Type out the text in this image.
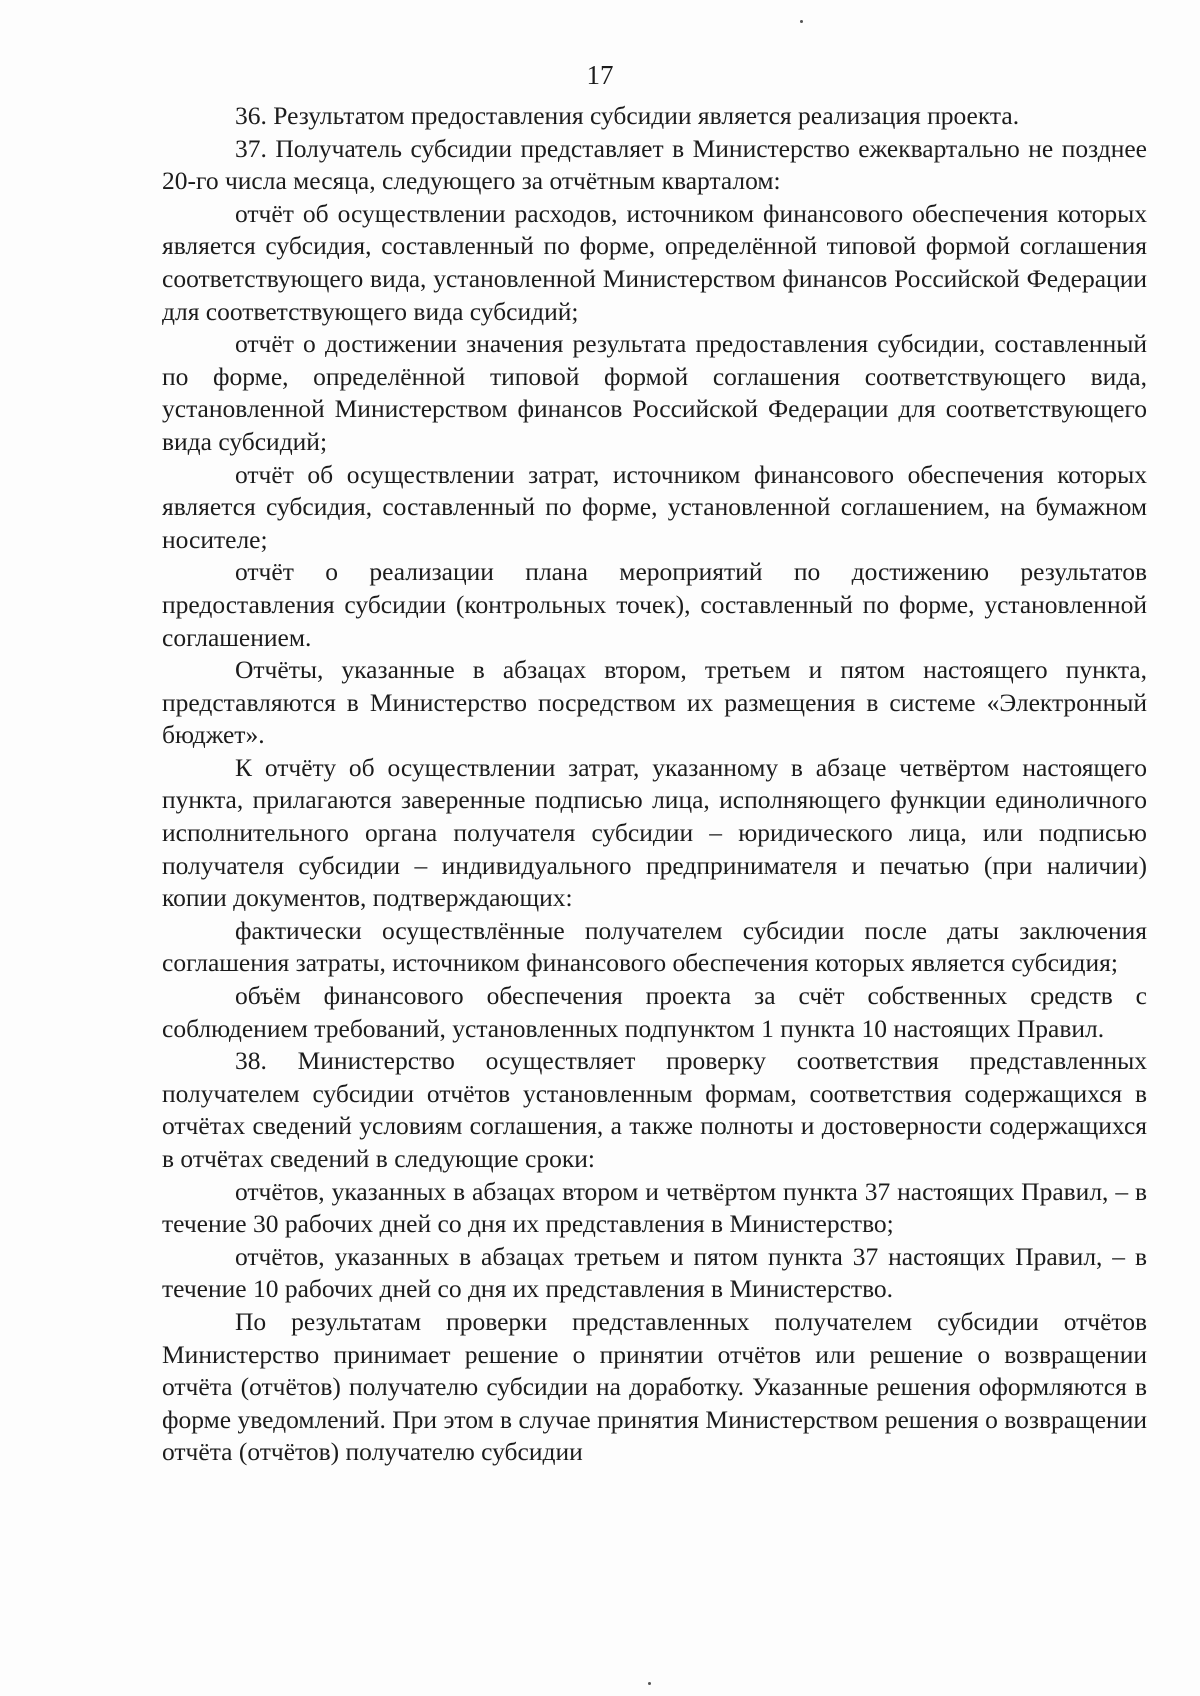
17

36. Результатом предоставления субсидии является реализация проекта.

37. Получатель субсидии представляет в Министерство ежеквартально не позднее 20-го числа месяца, следующего за отчётным кварталом:

отчёт об осуществлении расходов, источником финансового обеспечения которых является субсидия, составленный по форме, определённой типовой формой соглашения соответствующего вида, установленной Министерством финансов Российской Федерации для соответствующего вида субсидий;

отчёт о достижении значения результата предоставления субсидии, составленный по форме, определённой типовой формой соглашения соответствующего вида, установленной Министерством финансов Российской Федерации для соответствующего вида субсидий;

отчёт об осуществлении затрат, источником финансового обеспечения которых является субсидия, составленный по форме, установленной соглашением, на бумажном носителе;

отчёт о реализации плана мероприятий по достижению результатов предоставления субсидии (контрольных точек), составленный по форме, установленной соглашением.

Отчёты, указанные в абзацах втором, третьем и пятом настоящего пункта, представляются в Министерство посредством их размещения в системе «Электронный бюджет».

К отчёту об осуществлении затрат, указанному в абзаце четвёртом настоящего пункта, прилагаются заверенные подписью лица, исполняющего функции единоличного исполнительного органа получателя субсидии – юридического лица, или подписью получателя субсидии – индивидуального предпринимателя и печатью (при наличии) копии документов, подтверждающих:

фактически осуществлённые получателем субсидии после даты заключения соглашения затраты, источником финансового обеспечения которых является субсидия;

объём финансового обеспечения проекта за счёт собственных средств с соблюдением требований, установленных подпунктом 1 пункта 10 настоящих Правил.

38. Министерство осуществляет проверку соответствия представленных получателем субсидии отчётов установленным формам, соответствия содержащихся в отчётах сведений условиям соглашения, а также полноты и достоверности содержащихся в отчётах сведений в следующие сроки:

отчётов, указанных в абзацах втором и четвёртом пункта 37 настоящих Правил, – в течение 30 рабочих дней со дня их представления в Министерство;

отчётов, указанных в абзацах третьем и пятом пункта 37 настоящих Правил, – в течение 10 рабочих дней со дня их представления в Министерство.

По результатам проверки представленных получателем субсидии отчётов Министерство принимает решение о принятии отчётов или решение о возвращении отчёта (отчётов) получателю субсидии на доработку. Указанные решения оформляются в форме уведомлений. При этом в случае принятия Министерством решения о возвращении отчёта (отчётов) получателю субсидии
